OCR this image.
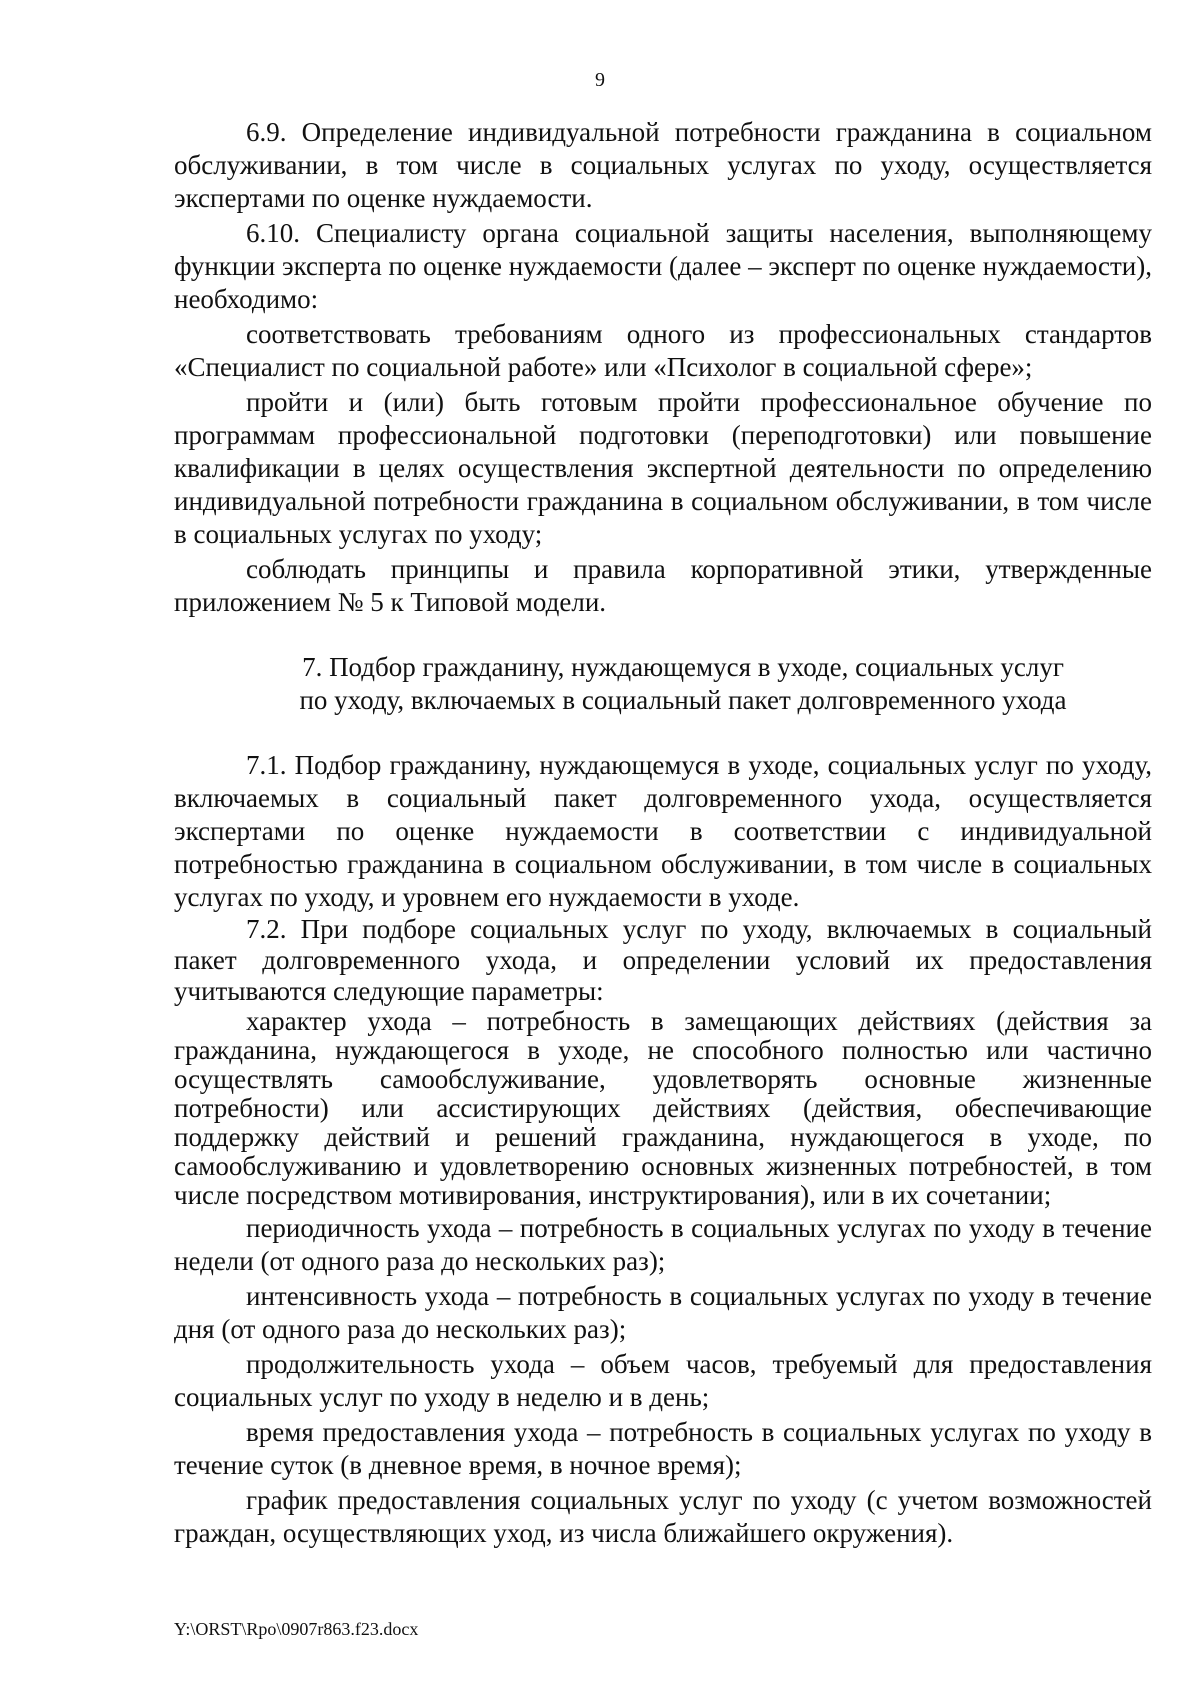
9

6.9. Определение индивидуальной потребности гражданина в социальном обслуживании, в том числе в социальных услугах по уходу, осуществляется экспертами по оценке нуждаемости.

6.10. Специалисту органа социальной защиты населения, выполняющему функции эксперта по оценке нуждаемости (далее – эксперт по оценке нуждаемости), необходимо:

соответствовать требованиям одного из профессиональных стандартов «Специалист по социальной работе» или «Психолог в социальной сфере»;

пройти и (или) быть готовым пройти профессиональное обучение по программам профессиональной подготовки (переподготовки) или повышение квалификации в целях осуществления экспертной деятельности по определению индивидуальной потребности гражданина в социальном обслуживании, в том числе в социальных услугах по уходу;

соблюдать принципы и правила корпоративной этики, утвержденные приложением № 5 к Типовой модели.

7. Подбор гражданину, нуждающемуся в уходе, социальных услуг

по уходу, включаемых в социальный пакет долговременного ухода

7.1. Подбор гражданину, нуждающемуся в уходе, социальных услуг по уходу, включаемых в социальный пакет долговременного ухода, осуществляется экспертами по оценке нуждаемости в соответствии с индивидуальной потребностью гражданина в социальном обслуживании, в том числе в социальных услугах по уходу, и уровнем его нуждаемости в уходе.

7.2. При подборе социальных услуг по уходу, включаемых в социальный пакет долговременного ухода, и определении условий их предоставления учитываются следующие параметры:

характер ухода – потребность в замещающих действиях (действия за гражданина, нуждающегося в уходе, не способного полностью или частично осуществлять самообслуживание, удовлетворять основные жизненные потребности) или ассистирующих действиях (действия, обеспечивающие поддержку действий и решений гражданина, нуждающегося в уходе, по самообслуживанию и удовлетворению основных жизненных потребностей, в том числе посредством мотивирования, инструктирования), или в их сочетании;

периодичность ухода – потребность в социальных услугах по уходу в течение недели (от одного раза до нескольких раз);

интенсивность ухода – потребность в социальных услугах по уходу в течение дня (от одного раза до нескольких раз);

продолжительность ухода – объем часов, требуемый для предоставления социальных услуг по уходу в неделю и в день;

время предоставления ухода – потребность в социальных услугах по уходу в течение суток (в дневное время, в ночное время);

график предоставления социальных услуг по уходу (с учетом возможностей граждан, осуществляющих уход, из числа ближайшего окружения).

Y:\ORST\Rpo\0907r863.f23.docx
